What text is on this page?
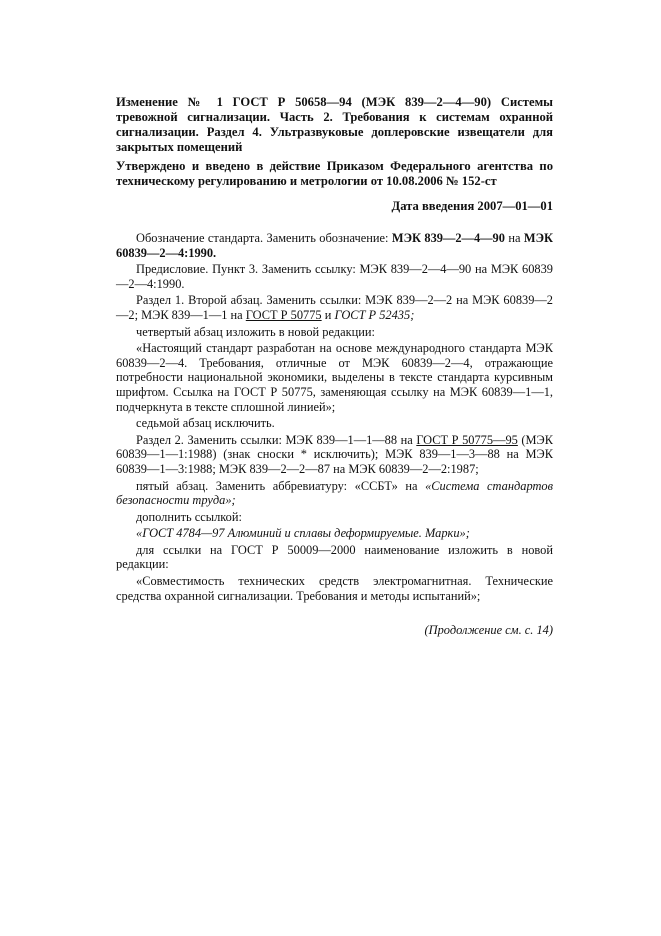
Изменение № 1 ГОСТ Р 50658—94 (МЭК 839—2—4—90) Системы тревожной сигнализации. Часть 2. Требования к системам охранной сигнализации. Раздел 4. Ультразвуковые доплеровские извещатели для закрытых помещений

Утверждено и введено в действие Приказом Федерального агентства по техническому регулированию и метрологии от 10.08.2006 № 152-ст

Дата введения 2007—01—01

Обозначение стандарта. Заменить обозначение: МЭК 839—2—4—90 на МЭК 60839—2—4:1990.

Предисловие. Пункт 3. Заменить ссылку: МЭК 839—2—4—90 на МЭК 60839—2—4:1990.

Раздел 1. Второй абзац. Заменить ссылки: МЭК 839—2—2 на МЭК 60839—2—2; МЭК 839—1—1 на ГОСТ Р 50775 и ГОСТ Р 52435;

четвертый абзац изложить в новой редакции:

«Настоящий стандарт разработан на основе международного стандарта МЭК 60839—2—4. Требования, отличные от МЭК 60839—2—4, отражающие потребности национальной экономики, выделены в тексте стандарта курсивным шрифтом. Ссылка на ГОСТ Р 50775, заменяющая ссылку на МЭК 60839—1—1, подчеркнута в тексте сплошной линией»;

седьмой абзац исключить.

Раздел 2. Заменить ссылки: МЭК 839—1—1—88 на ГОСТ Р 50775—95 (МЭК 60839—1—1:1988) (знак сноски * исключить); МЭК 839—1—3—88 на МЭК 60839—1—3:1988; МЭК 839—2—2—87 на МЭК 60839—2—2:1987;

пятый абзац. Заменить аббревиатуру: «ССБТ» на «Система стандартов безопасности труда»;

дополнить ссылкой:

«ГОСТ 4784—97 Алюминий и сплавы деформируемые. Марки»;

для ссылки на ГОСТ Р 50009—2000 наименование изложить в новой редакции:

«Совместимость технических средств электромагнитная. Технические средства охранной сигнализации. Требования и методы испытаний»;

(Продолжение см. с. 14)
